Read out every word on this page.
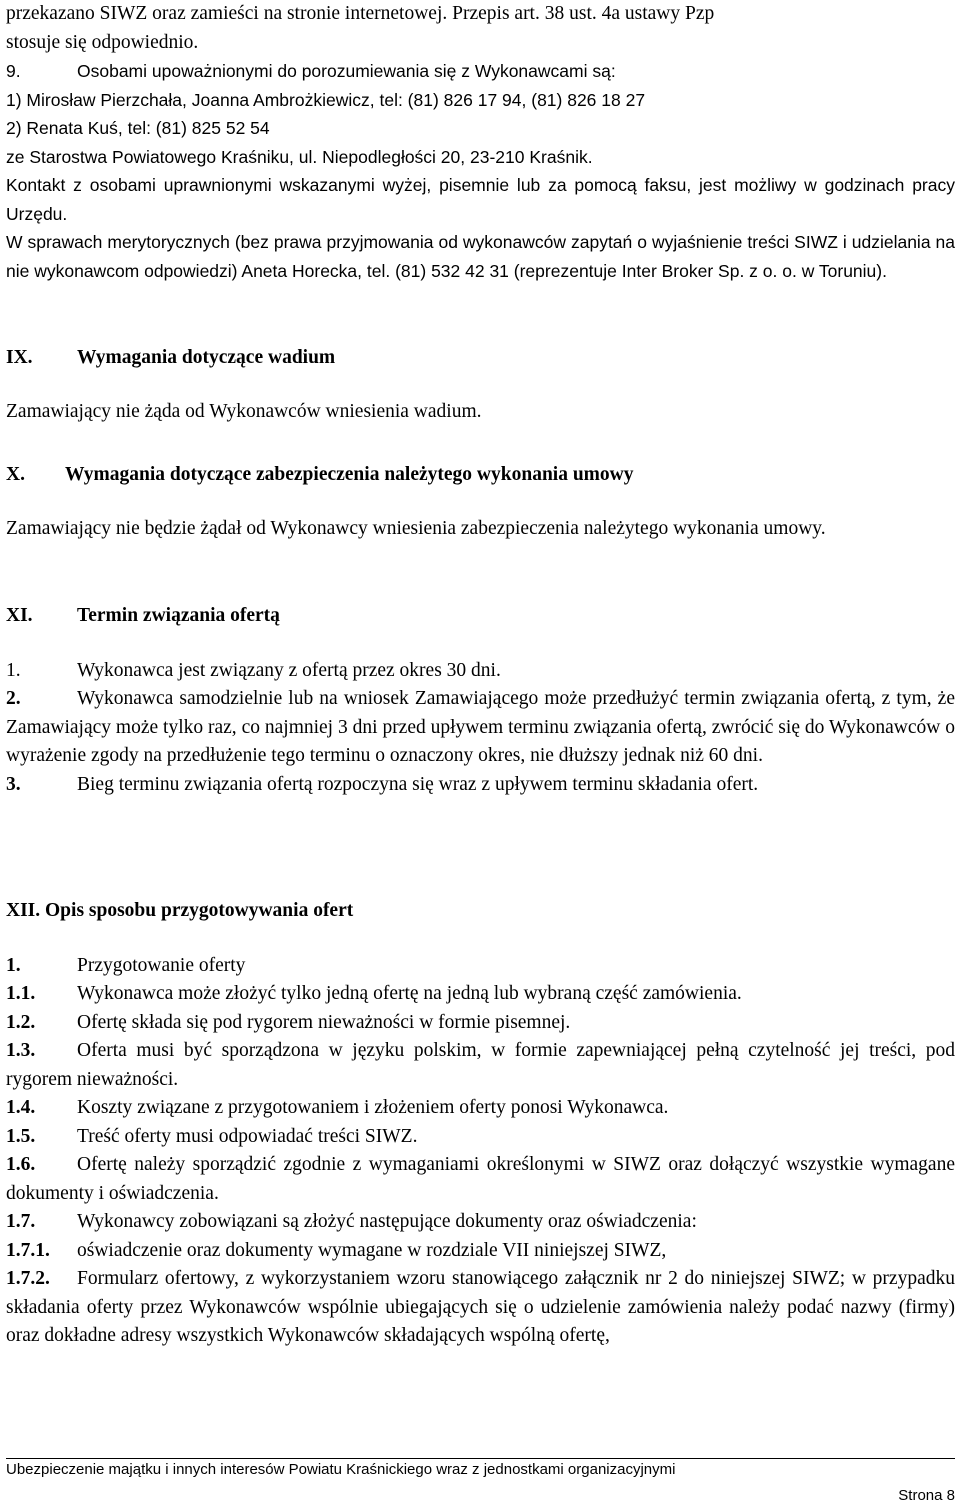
przekazano SIWZ oraz zamieści na stronie internetowej. Przepis art. 38 ust. 4a ustawy Pzp

stosuje się odpowiednio.

9.	Osobami upoważnionymi do porozumiewania się z Wykonawcami są:

1) Mirosław Pierzchała, Joanna Ambrożkiewicz, tel: (81) 826 17 94, (81) 826 18 27

2) Renata Kuś, tel: (81) 825 52 54

ze Starostwa Powiatowego Kraśniku, ul. Niepodległości 20, 23-210 Kraśnik.

Kontakt z osobami uprawnionymi wskazanymi wyżej, pisemnie lub za pomocą faksu, jest możliwy w godzinach pracy Urzędu.

W sprawach merytorycznych (bez prawa przyjmowania od wykonawców zapytań o wyjaśnienie treści SIWZ i udzielania na nie wykonawcom odpowiedzi) Aneta Horecka, tel. (81) 532 42 31 (reprezentuje Inter Broker Sp. z o. o. w Toruniu).

IX. Wymagania dotyczące wadium

Zamawiający nie żąda od Wykonawców wniesienia wadium.

X. Wymagania dotyczące zabezpieczenia należytego wykonania umowy

Zamawiający nie będzie żądał od Wykonawcy wniesienia zabezpieczenia należytego wykonania umowy.

XI. Termin związania ofertą

1.	Wykonawca jest związany z ofertą przez okres 30 dni.

2.	Wykonawca samodzielnie lub na wniosek Zamawiającego może przedłużyć termin związania ofertą, z tym, że Zamawiający może tylko raz, co najmniej 3 dni przed upływem terminu związania ofertą, zwrócić się do Wykonawców o wyrażenie zgody na przedłużenie tego terminu o oznaczony okres, nie dłuższy jednak niż 60 dni.

3.	Bieg terminu związania ofertą rozpoczyna się wraz z upływem terminu składania ofert.

XII. Opis sposobu przygotowywania ofert

1.	Przygotowanie oferty

1.1. Wykonawca może złożyć tylko jedną ofertę na jedną lub wybraną część zamówienia.

1.2. Ofertę składa się pod rygorem nieważności w formie pisemnej.

1.3. Oferta musi być sporządzona w języku polskim, w formie zapewniającej pełną czytelność jej treści, pod rygorem nieważności.

1.4. Koszty związane z przygotowaniem i złożeniem oferty ponosi Wykonawca.

1.5. Treść oferty musi odpowiadać treści SIWZ.

1.6. Ofertę należy sporządzić zgodnie z wymaganiami określonymi w SIWZ oraz dołączyć wszystkie wymagane dokumenty i oświadczenia.

1.7. Wykonawcy zobowiązani są złożyć następujące dokumenty oraz oświadczenia:

1.7.1. oświadczenie oraz dokumenty wymagane w rozdziale VII niniejszej SIWZ,

1.7.2. Formularz ofertowy, z wykorzystaniem wzoru stanowiącego załącznik nr 2 do niniejszej SIWZ; w przypadku składania oferty przez Wykonawców wspólnie ubiegających się o udzielenie zamówienia należy podać nazwy (firmy) oraz dokładne adresy wszystkich Wykonawców składających wspólną ofertę,

Ubezpieczenie majątku i innych interesów Powiatu Kraśnickiego wraz z jednostkami organizacyjnymi
Strona 8
